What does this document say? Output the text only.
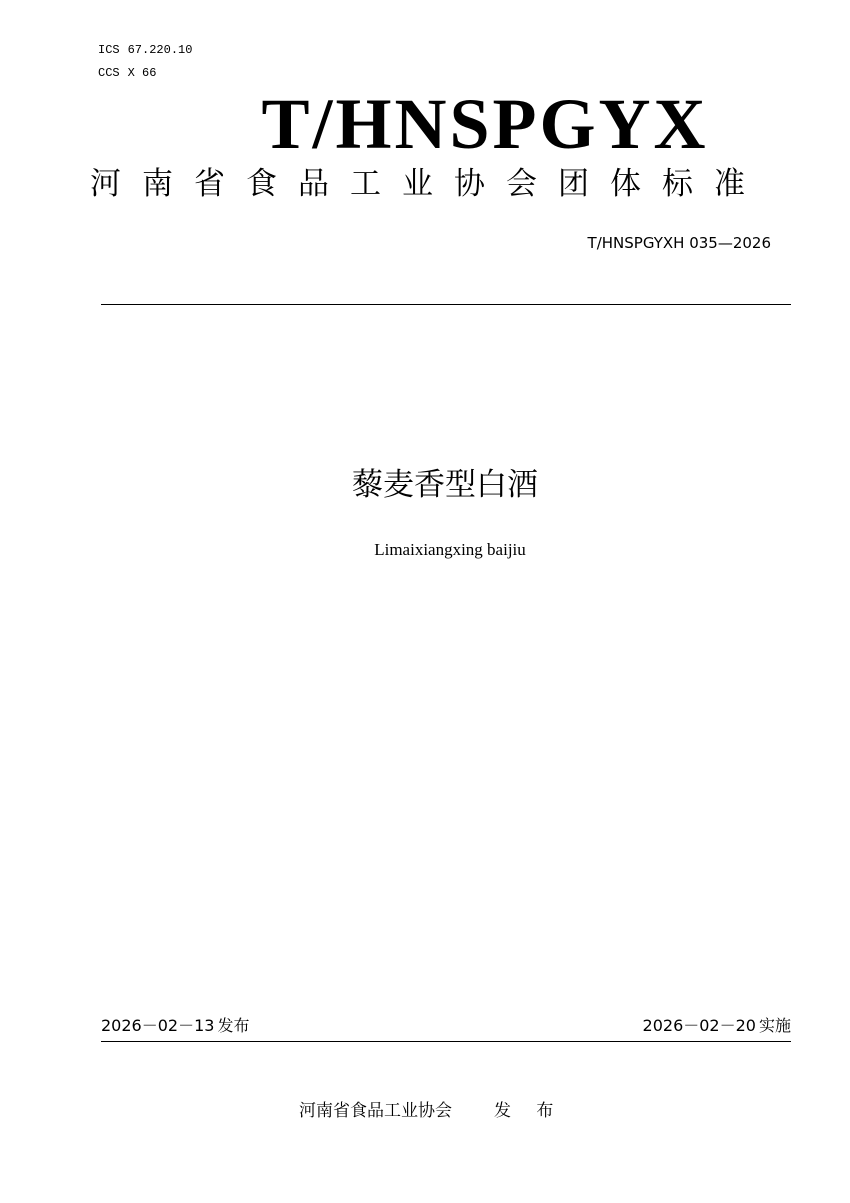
ICS 67.220.10
CCS X 66
T/HNSPGYX
河南省食品工业协会团体标准
T/HNSPGYXH 035—2026
藜麦香型白酒
Limaixiangxing baijiu
2026－02－13 发布	2026－02－20 实施
河南省食品工业协会 发 布
